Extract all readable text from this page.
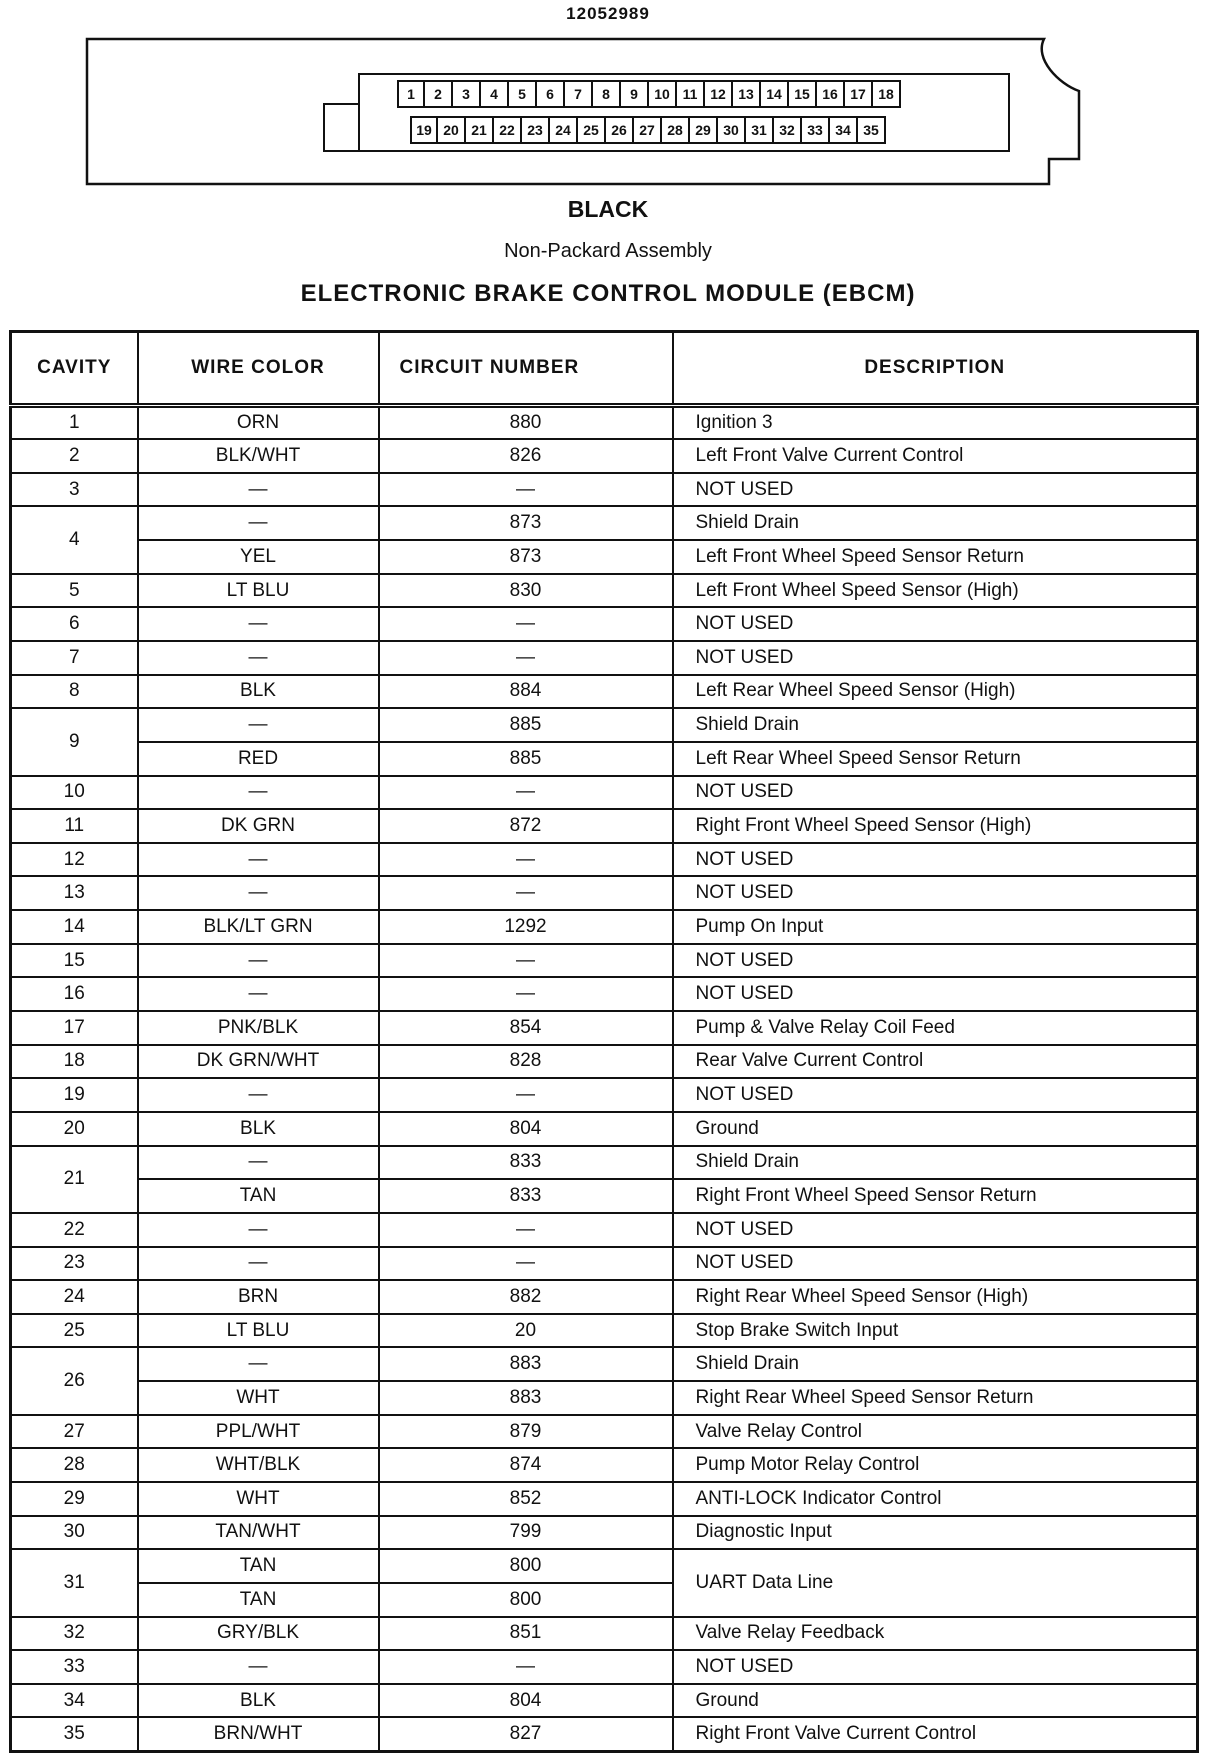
12052989
1	2	3	4	5	6	7	8	9	10 11 12 13 14 15 16 17 18
19 20 21 22 23 24 25 26 27 28 29 30 31 32 33 34 35
BLACK
Non-Packard Assembly
ELECTRONIC BRAKE CONTROL MODULE (EBCM)
CAVITY	WIRE COLOR	CIRCUIT NUMBER	DESCRIPTION
1	ORN	880	Ignition 3
2	BLK/WHT	826	Left Front Valve Current Control
3	—	—	NOT USED
4	—	873	Shield Drain
	YEL	873	Left Front Wheel Speed Sensor Return
5	LT BLU	830	Left Front Wheel Speed Sensor (High)
6	—	—	NOT USED
7	—	—	NOT USED
8	BLK	884	Left Rear Wheel Speed Sensor (High)
9	—	885	Shield Drain
	RED	885	Left Rear Wheel Speed Sensor Return
10	—	—	NOT USED
11	DK GRN	872	Right Front Wheel Speed Sensor (High)
12	—	—	NOT USED
13	—	—	NOT USED
14	BLK/LT GRN	1292	Pump On Input
15	—	—	NOT USED
16	—	—	NOT USED
17	PNK/BLK	854	Pump & Valve Relay Coil Feed
18	DK GRN/WHT	828	Rear Valve Current Control
19	—	—	NOT USED
20	BLK	804	Ground
21	—	833	Shield Drain
	TAN	833	Right Front Wheel Speed Sensor Return
22	—	—	NOT USED
23	—	—	NOT USED
24	BRN	882	Right Rear Wheel Speed Sensor (High)
25	LT BLU	20	Stop Brake Switch Input
26	—	883	Shield Drain
	WHT	883	Right Rear Wheel Speed Sensor Return
27	PPL/WHT	879	Valve Relay Control
28	WHT/BLK	874	Pump Motor Relay Control
29	WHT	852	ANTI-LOCK Indicator Control
30	TAN/WHT	799	Diagnostic Input
31	TAN	800	UART Data Line
	TAN	800	
32	GRY/BLK	851	Valve Relay Feedback
33	—	—	NOT USED
34	BLK	804	Ground
35	BRN/WHT	827	Right Front Valve Current Control
